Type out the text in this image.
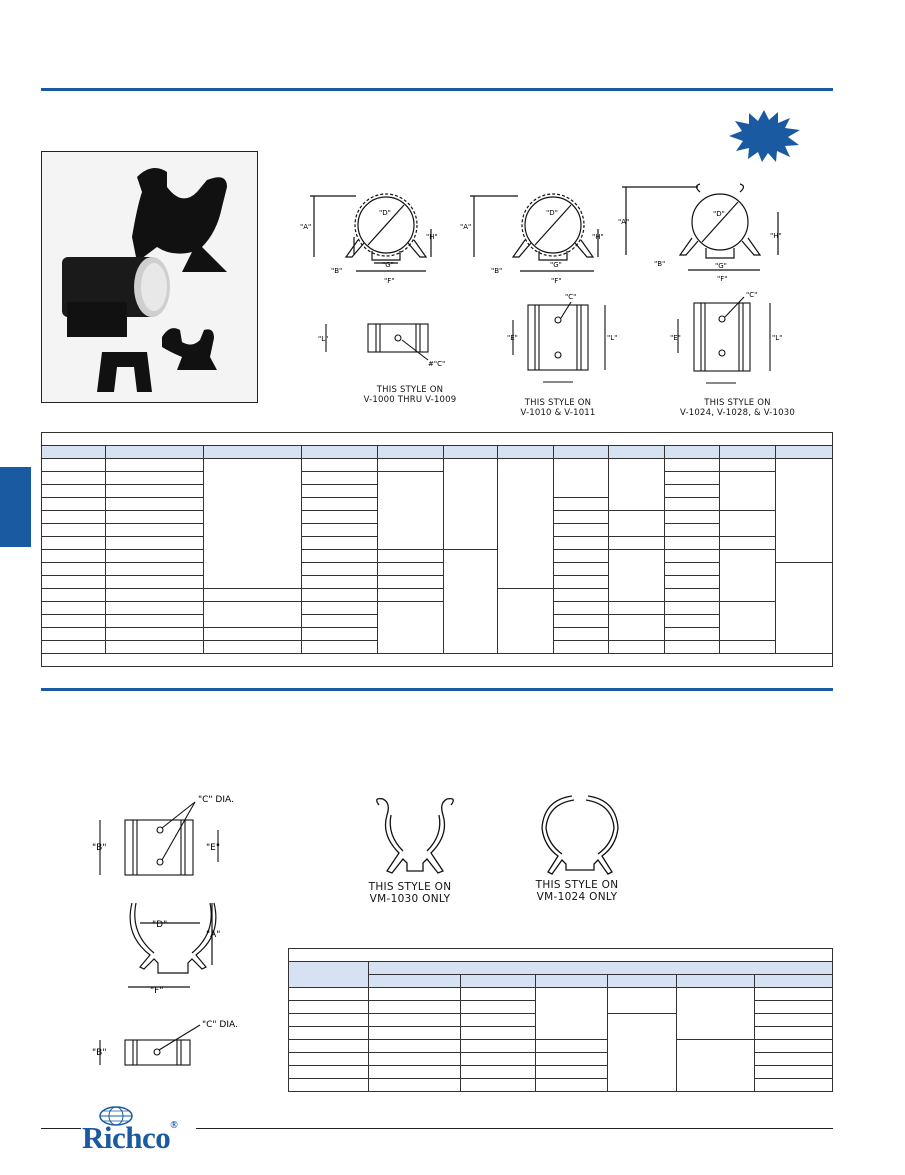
"A"
"D"
"H"
"B"
"G"
"F"
"A"
"D"
"H"
"B"
"G"
"F"
"A"
"D"
"H"
"B"	"G"
"F"
"L"
#"C"
"C"
"E"	"L"
"C"
"E"	"L"
THIS STYLE ON
V-1000 THRU V-1009	THIS STYLE ON
V-1010 & V-1011
THIS STYLE ON
V-1024, V-1028, & V-1030

"C" DIA.
"B"	"E"
"D"
"A"
"F"
"C" DIA.
"B"
THIS STYLE ON
VM-1030 ONLY
THIS STYLE ON
VM-1024 ONLY

Richco®
